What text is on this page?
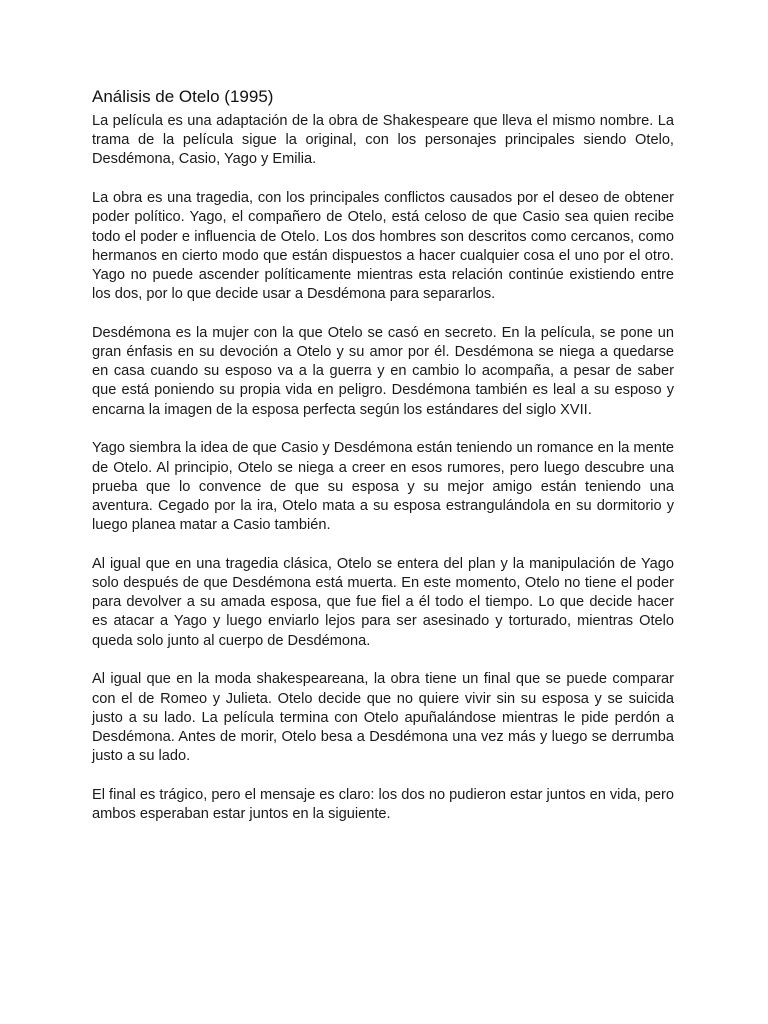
Análisis de Otelo (1995)

La película es una adaptación de la obra de Shakespeare que lleva el mismo nombre. La trama de la película sigue la original, con los personajes principales siendo Otelo, Desdémona, Casio, Yago y Emilia.

La obra es una tragedia, con los principales conflictos causados por el deseo de obtener poder político. Yago, el compañero de Otelo, está celoso de que Casio sea quien recibe todo el poder e influencia de Otelo. Los dos hombres son descritos como cercanos, como hermanos en cierto modo que están dispuestos a hacer cualquier cosa el uno por el otro. Yago no puede ascender políticamente mientras esta relación continúe existiendo entre los dos, por lo que decide usar a Desdémona para separarlos.

Desdémona es la mujer con la que Otelo se casó en secreto. En la película, se pone un gran énfasis en su devoción a Otelo y su amor por él. Desdémona se niega a quedarse en casa cuando su esposo va a la guerra y en cambio lo acompaña, a pesar de saber que está poniendo su propia vida en peligro. Desdémona también es leal a su esposo y encarna la imagen de la esposa perfecta según los estándares del siglo XVII.

Yago siembra la idea de que Casio y Desdémona están teniendo un romance en la mente de Otelo. Al principio, Otelo se niega a creer en esos rumores, pero luego descubre una prueba que lo convence de que su esposa y su mejor amigo están teniendo una aventura. Cegado por la ira, Otelo mata a su esposa estrangulándola en su dormitorio y luego planea matar a Casio también.

Al igual que en una tragedia clásica, Otelo se entera del plan y la manipulación de Yago solo después de que Desdémona está muerta. En este momento, Otelo no tiene el poder para devolver a su amada esposa, que fue fiel a él todo el tiempo. Lo que decide hacer es atacar a Yago y luego enviarlo lejos para ser asesinado y torturado, mientras Otelo queda solo junto al cuerpo de Desdémona.

Al igual que en la moda shakespeareana, la obra tiene un final que se puede comparar con el de Romeo y Julieta. Otelo decide que no quiere vivir sin su esposa y se suicida justo a su lado. La película termina con Otelo apuñalándose mientras le pide perdón a Desdémona. Antes de morir, Otelo besa a Desdémona una vez más y luego se derrumba justo a su lado.

El final es trágico, pero el mensaje es claro: los dos no pudieron estar juntos en vida, pero ambos esperaban estar juntos en la siguiente.
